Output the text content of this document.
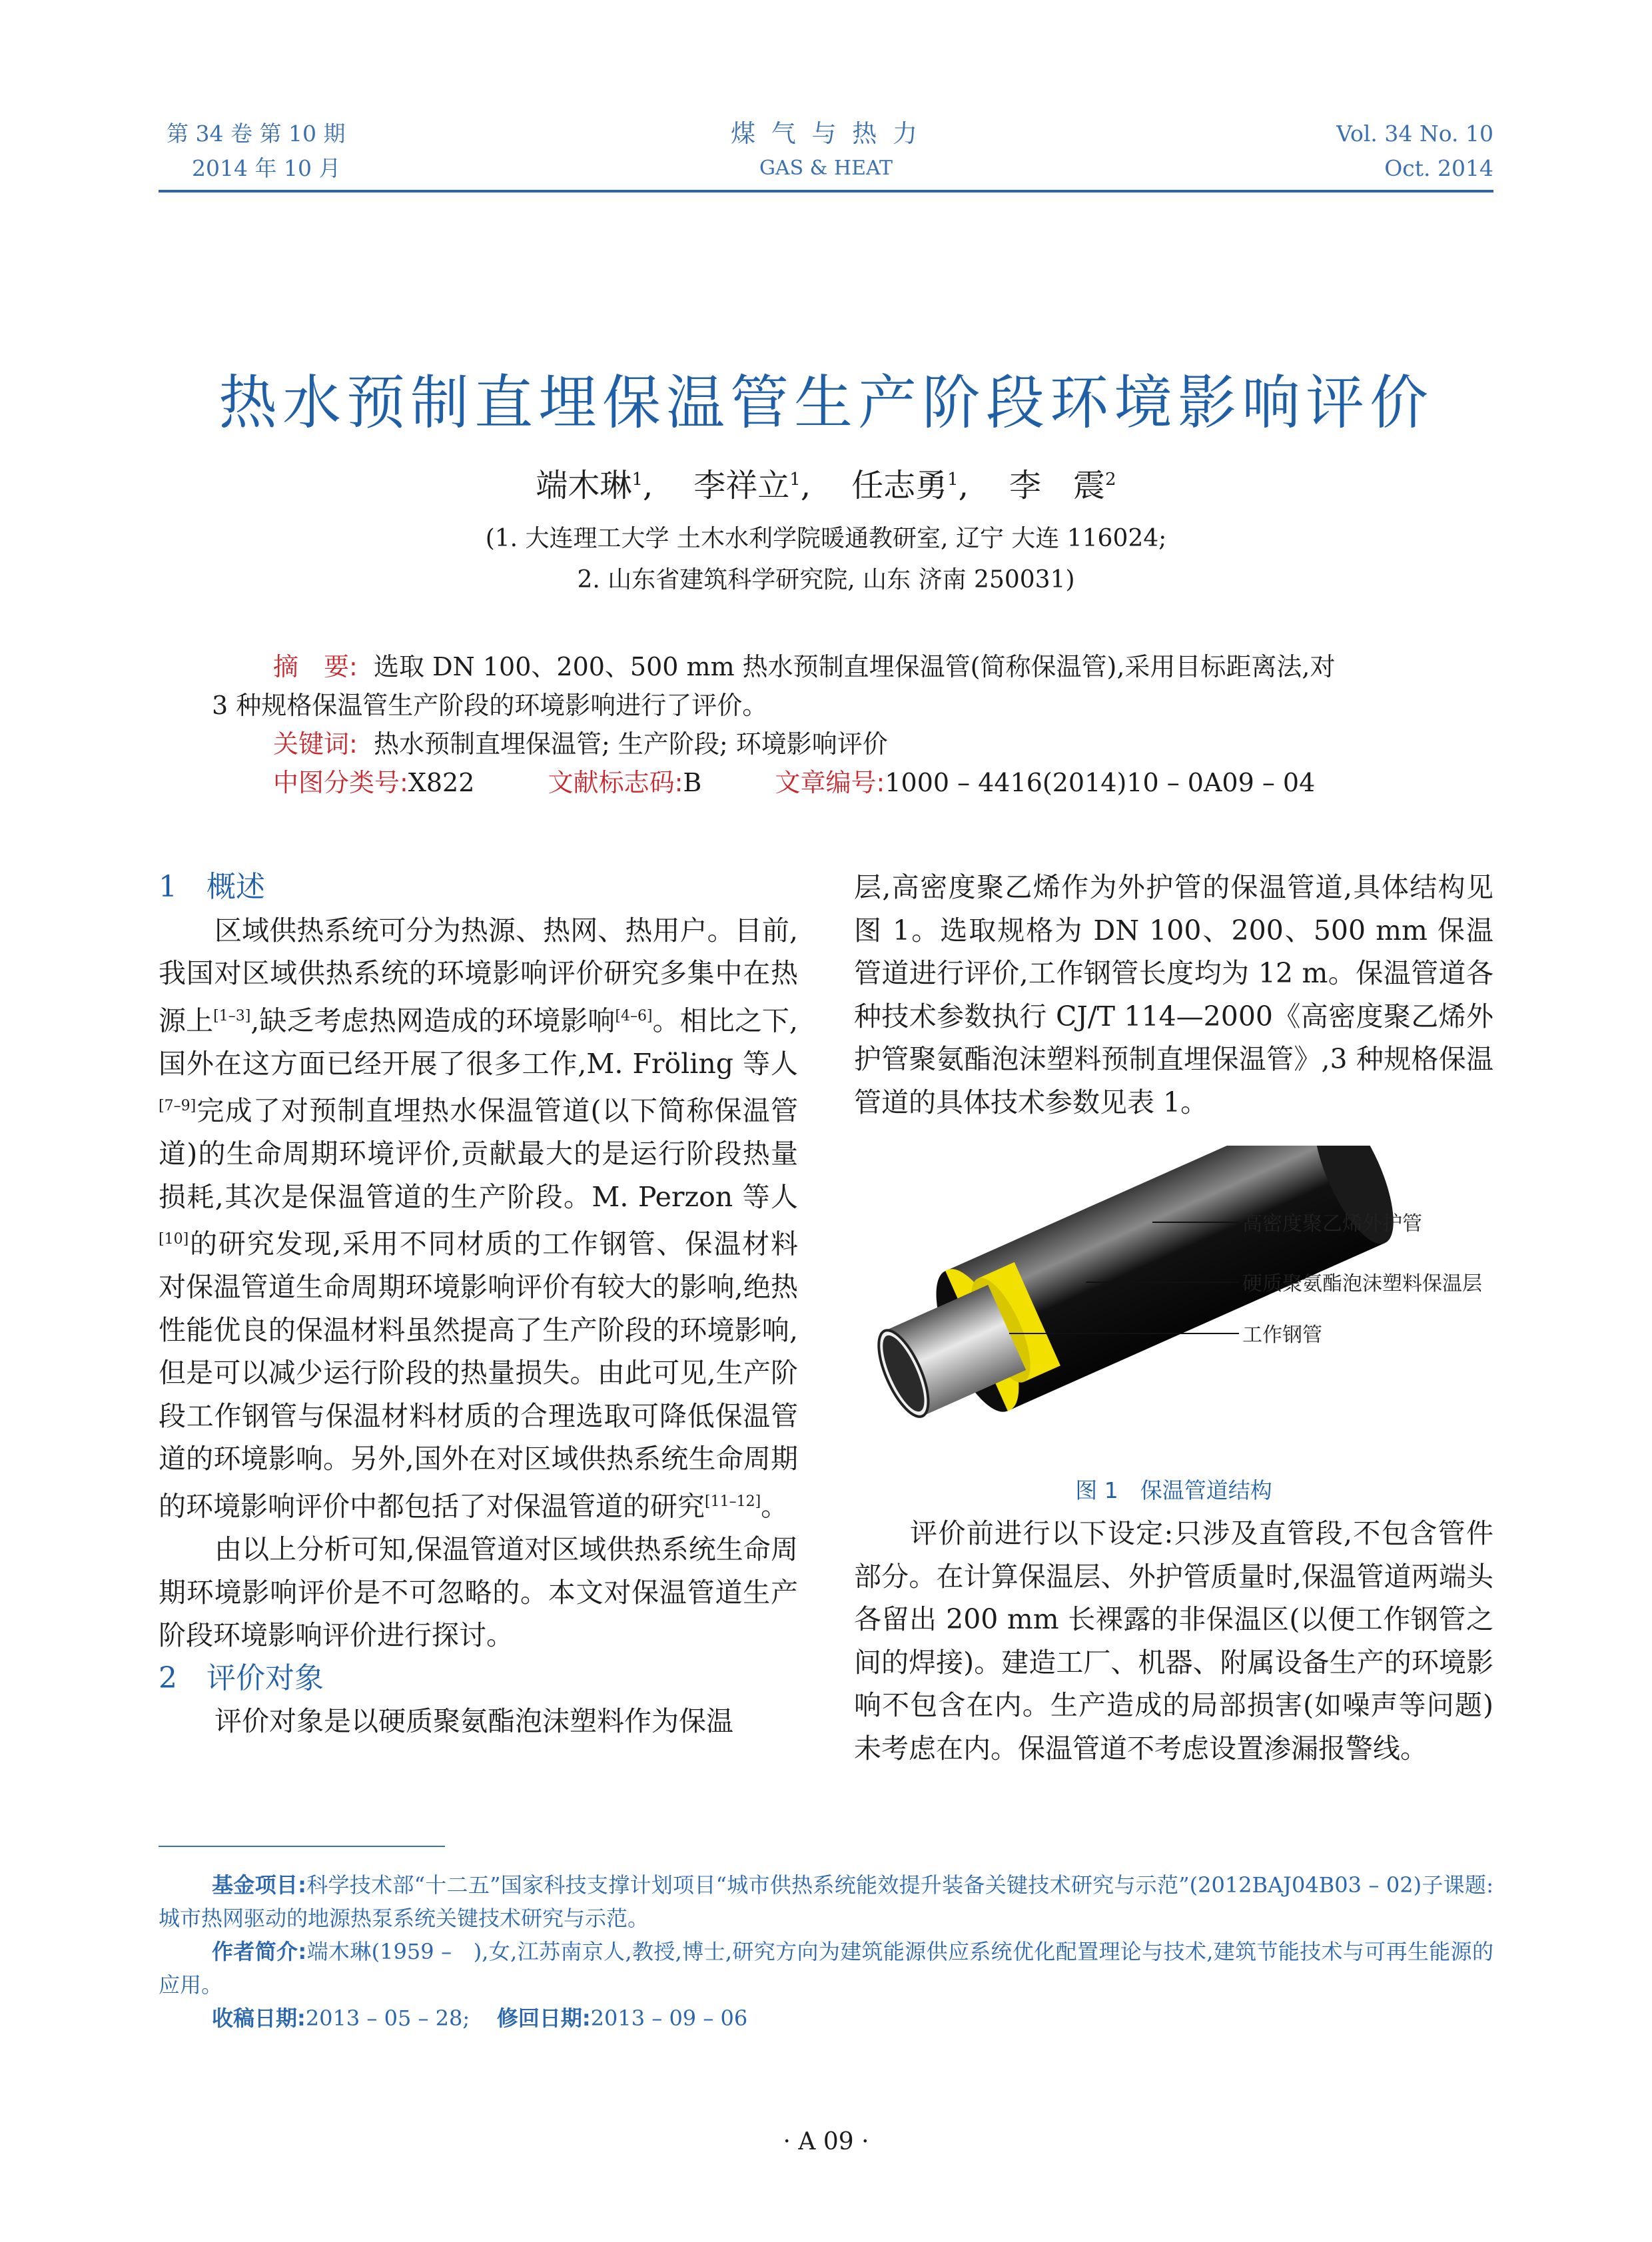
第 34 卷 第 10 期
2014 年 10 月
煤 气 与 热 力
GAS & HEAT
Vol. 34 No. 10
Oct. 2014
热水预制直埋保温管生产阶段环境影响评价
端木琳$^1$,    李祥立$^1$,    任志勇$^1$,    李　震$^2$
(1. 大连理工大学 土木水利学院暖通教研室, 辽宁 大连 116024;
2. 山东省建筑科学研究院, 山东 济南 250031)
摘　要: 选取 DN 100、200、500 mm 热水预制直埋保温管(简称保温管),采用目标距离法,对
3 种规格保温管生产阶段的环境影响进行了评价。
关键词: 热水预制直埋保温管; 生产阶段; 环境影响评价
中图分类号:X822	文献标志码:B	文章编号:1000 – 4416(2014)10 – 0A09 – 04

1　概述

区域供热系统可分为热源、热网、热用户。目前,我国对区域供热系统的环境影响评价研究多集中在热源上[1–3],缺乏考虑热网造成的环境影响[4–6]。相比之下,国外在这方面已经开展了很多工作,M. Fröling 等人[7–9]完成了对预制直埋热水保温管道(以下简称保温管道)的生命周期环境评价,贡献最大的是运行阶段热量损耗,其次是保温管道的生产阶段。M. Perzon 等人[10]的研究发现,采用不同材质的工作钢管、保温材料对保温管道生命周期环境影响评价有较大的影响,绝热性能优良的保温材料虽然提高了生产阶段的环境影响,但是可以减少运行阶段的热量损失。由此可见,生产阶段工作钢管与保温材料材质的合理选取可降低保温管道的环境影响。另外,国外在对区域供热系统生命周期的环境影响评价中都包括了对保温管道的研究[11–12]。

由以上分析可知,保温管道对区域供热系统生命周期环境影响评价是不可忽略的。本文对保温管道生产阶段环境影响评价进行探讨。

2　评价对象

评价对象是以硬质聚氨酯泡沫塑料作为保温

层,高密度聚乙烯作为外护管的保温管道,具体结构见图 1。选取规格为 DN 100、200、500 mm 保温管道进行评价,工作钢管长度均为 12 m。保温管道各种技术参数执行 CJ/T 114—2000《高密度聚乙烯外护管聚氨酯泡沫塑料预制直埋保温管》,3 种规格保温管道的具体技术参数见表 1。

高密度聚乙烯外护管
硬质聚氨酯泡沫塑料保温层
工作钢管
图 1　保温管道结构

评价前进行以下设定:只涉及直管段,不包含管件部分。在计算保温层、外护管质量时,保温管道两端头各留出 200 mm 长裸露的非保温区(以便工作钢管之间的焊接)。建造工厂、机器、附属设备生产的环境影响不包含在内。生产造成的局部损害(如噪声等问题)未考虑在内。保温管道不考虑设置渗漏报警线。

基金项目:科学技术部“十二五”国家科技支撑计划项目“城市供热系统能效提升装备关键技术研究与示范”(2012BAJ04B03 – 02)子课题:城市热网驱动的地源热泵系统关键技术研究与示范。
作者简介:端木琳(1959 –　),女,江苏南京人,教授,博士,研究方向为建筑能源供应系统优化配置理论与技术,建筑节能技术与可再生能源的应用。
收稿日期:2013 – 05 – 28; 修回日期:2013 – 09 – 06
· A 09 ·
